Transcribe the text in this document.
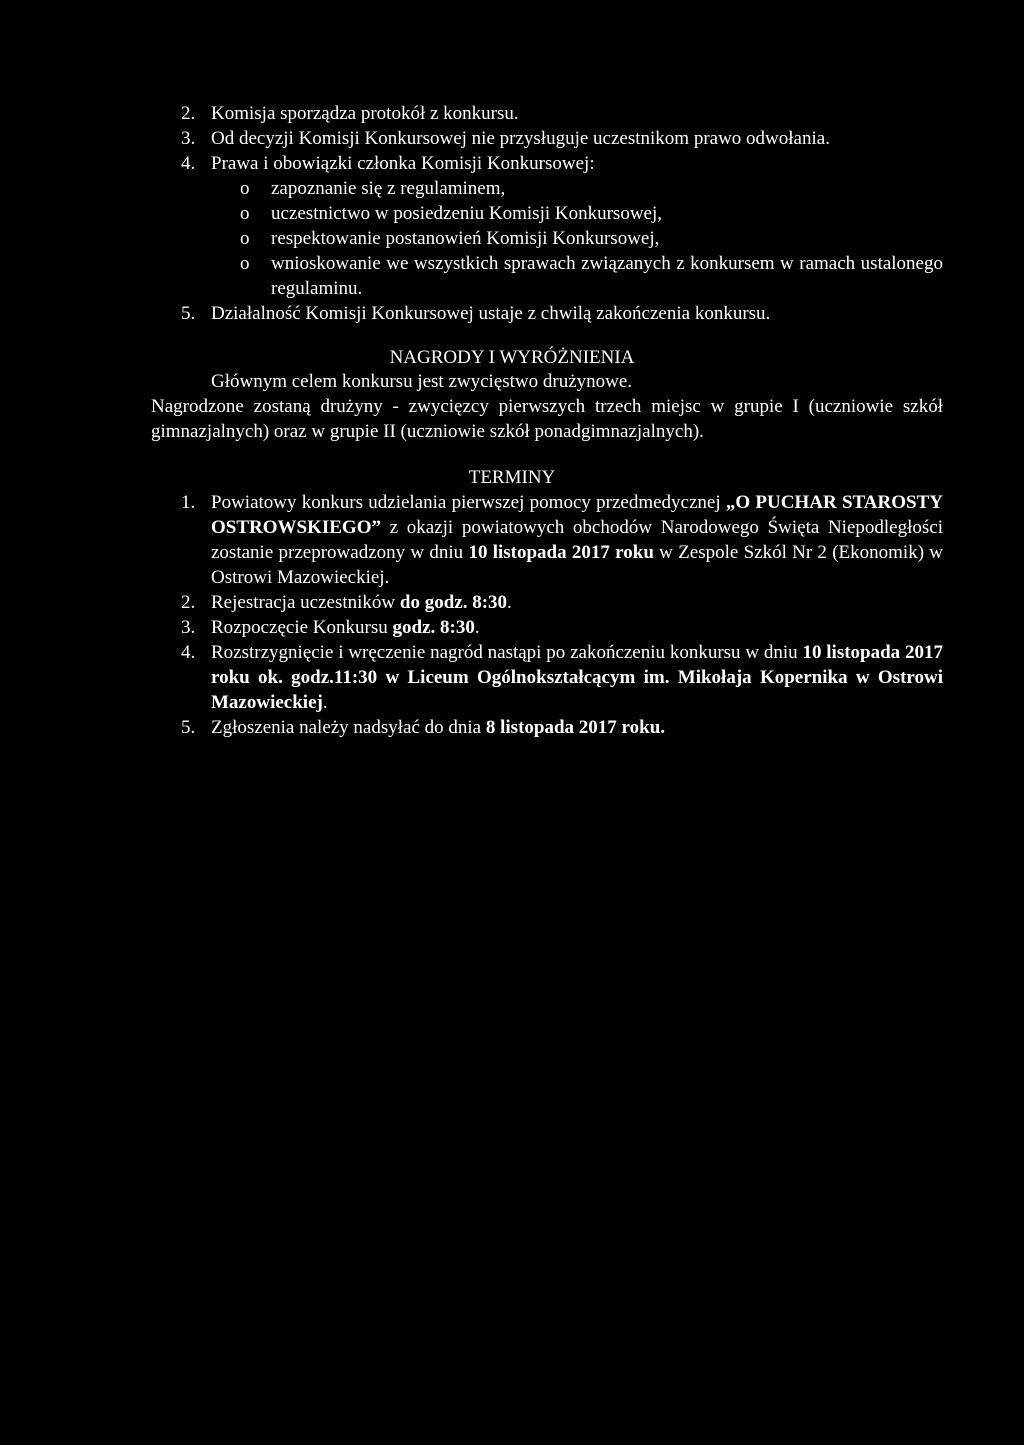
2. Komisja sporządza protokół z konkursu.
3. Od decyzji Komisji Konkursowej nie przysługuje uczestnikom prawo odwołania.
4. Prawa i obowiązki członka Komisji Konkursowej:
o zapoznanie się z regulaminem,
o uczestnictwo w posiedzeniu Komisji Konkursowej,
o respektowanie postanowień Komisji Konkursowej,
o wnioskowanie we wszystkich sprawach związanych z konkursem w ramach ustalonego regulaminu.
5. Działalność Komisji Konkursowej ustaje z chwilą zakończenia konkursu.
NAGRODY I WYRÓŻNIENIA
Głównym celem konkursu jest zwycięstwo drużynowe.
Nagrodzone zostaną drużyny - zwycięzcy pierwszych trzech miejsc w grupie I (uczniowie szkół gimnazjalnych) oraz w grupie II (uczniowie szkół ponadgimnazjalnych).
TERMINY
1. Powiatowy konkurs udzielania pierwszej pomocy przedmedycznej „O PUCHAR STAROSTY OSTROWSKIEGO” z okazji powiatowych obchodów Narodowego Święta Niepodległości zostanie przeprowadzony w dniu 10 listopada 2017 roku w Zespole Szkól Nr 2 (Ekonomik) w Ostrowi Mazowieckiej.
2. Rejestracja uczestników do godz. 8:30.
3. Rozpoczęcie Konkursu godz. 8:30.
4. Rozstrzygnięcie i wręczenie nagród nastąpi po zakończeniu konkursu w dniu 10 listopada 2017 roku ok. godz.11:30 w Liceum Ogólnokształcącym im. Mikołaja Kopernika w Ostrowi Mazowieckiej.
5. Zgłoszenia należy nadsyłać do dnia 8 listopada 2017 roku.
